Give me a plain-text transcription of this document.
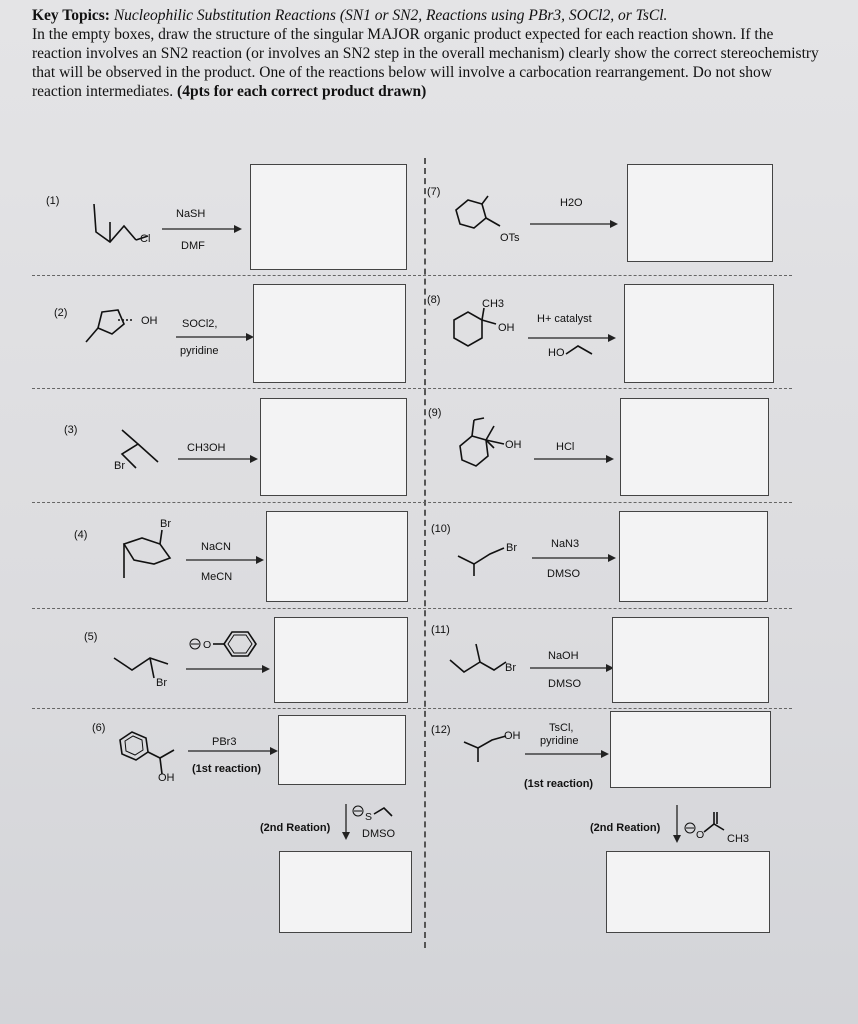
Key Topics: Nucleophilic Substitution Reactions (SN1 or SN2, Reactions using PBr3, SOCl2, or TsCl.
In the empty boxes, draw the structure of the singular MAJOR organic product expected for each reaction shown. If the reaction involves an SN2 reaction (or involves an SN2 step in the overall mechanism) clearly show the correct stereochemistry that will be observed in the product. One of the reactions below will involve a carbocation rearrangement. Do not show reaction intermediates. (4pts for each correct product drawn)
(1)
Cl
NaSH
DMF
(2)
OH SOCl2,
pyridine
(3)
Br
CH3OH
(4)
Br
NaCN
MeCN
(5)
Br
O
(6)
OH
PBr3
(1st reaction)
(2nd Reation)
S
DMSO
(7)
OTs
H2O
(8)	CH3
OH
H+ catalyst
HO
(9)
OH	HCl
(10)
Br	NaN3
DMSO
(11)
Br
NaOH
DMSO
(12)	OH
TsCl,
pyridine
(1st reaction)
(2nd Reation)
O CH3
